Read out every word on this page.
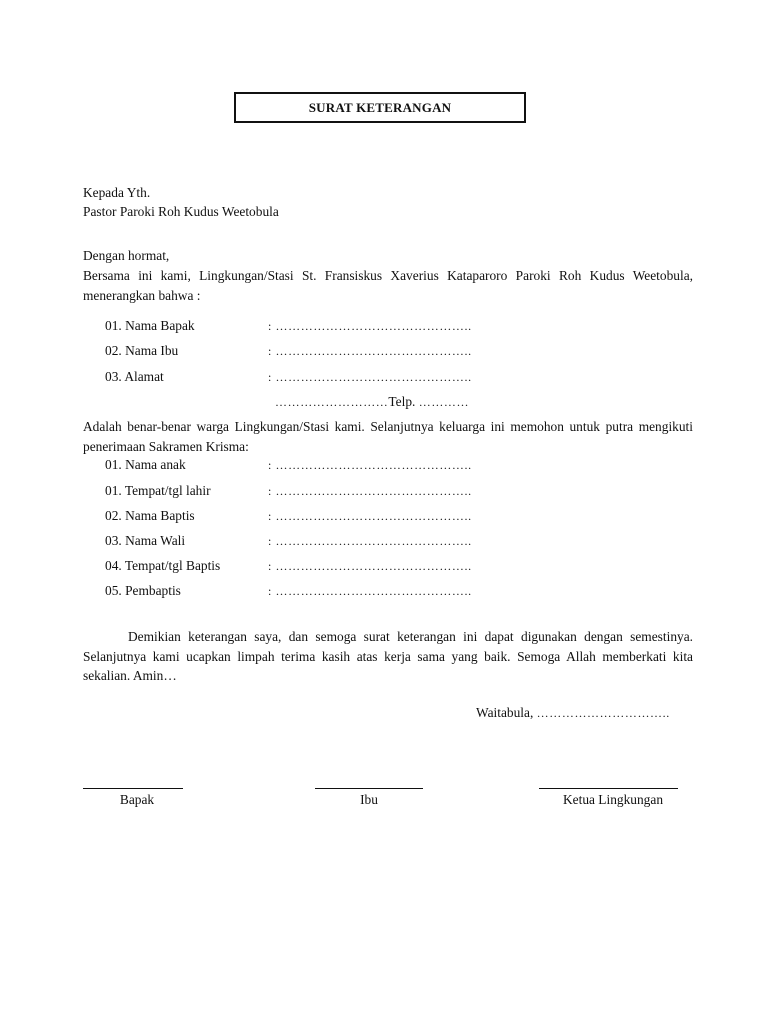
SURAT KETERANGAN
Kepada Yth.
Pastor Paroki Roh Kudus Weetobula
Dengan hormat,
Bersama ini kami, Lingkungan/Stasi St. Fransiskus Xaverius Kataparoro Paroki Roh Kudus Weetobula, menerangkan bahwa :
01. Nama Bapak	: ………………………………………..
02. Nama Ibu	: ………………………………………..
03. Alamat	: ………………………………………..
………………………Telp. …………
Adalah benar-benar warga Lingkungan/Stasi kami. Selanjutnya keluarga ini memohon untuk putra mengikuti penerimaan Sakramen Krisma:
01. Nama anak	: ………………………………………..
01. Tempat/tgl lahir	: ………………………………………..
02. Nama Baptis	: ………………………………………..
03. Nama Wali	: ………………………………………..
04. Tempat/tgl Baptis	: ………………………………………..
05. Pembaptis	: ………………………………………..
Demikian keterangan saya, dan semoga surat keterangan ini dapat digunakan dengan semestinya. Selanjutnya kami ucapkan limpah terima kasih atas kerja sama yang baik. Semoga Allah memberkati kita sekalian. Amin…
Waitabula, …………………………..
Bapak	Ibu	Ketua Lingkungan
